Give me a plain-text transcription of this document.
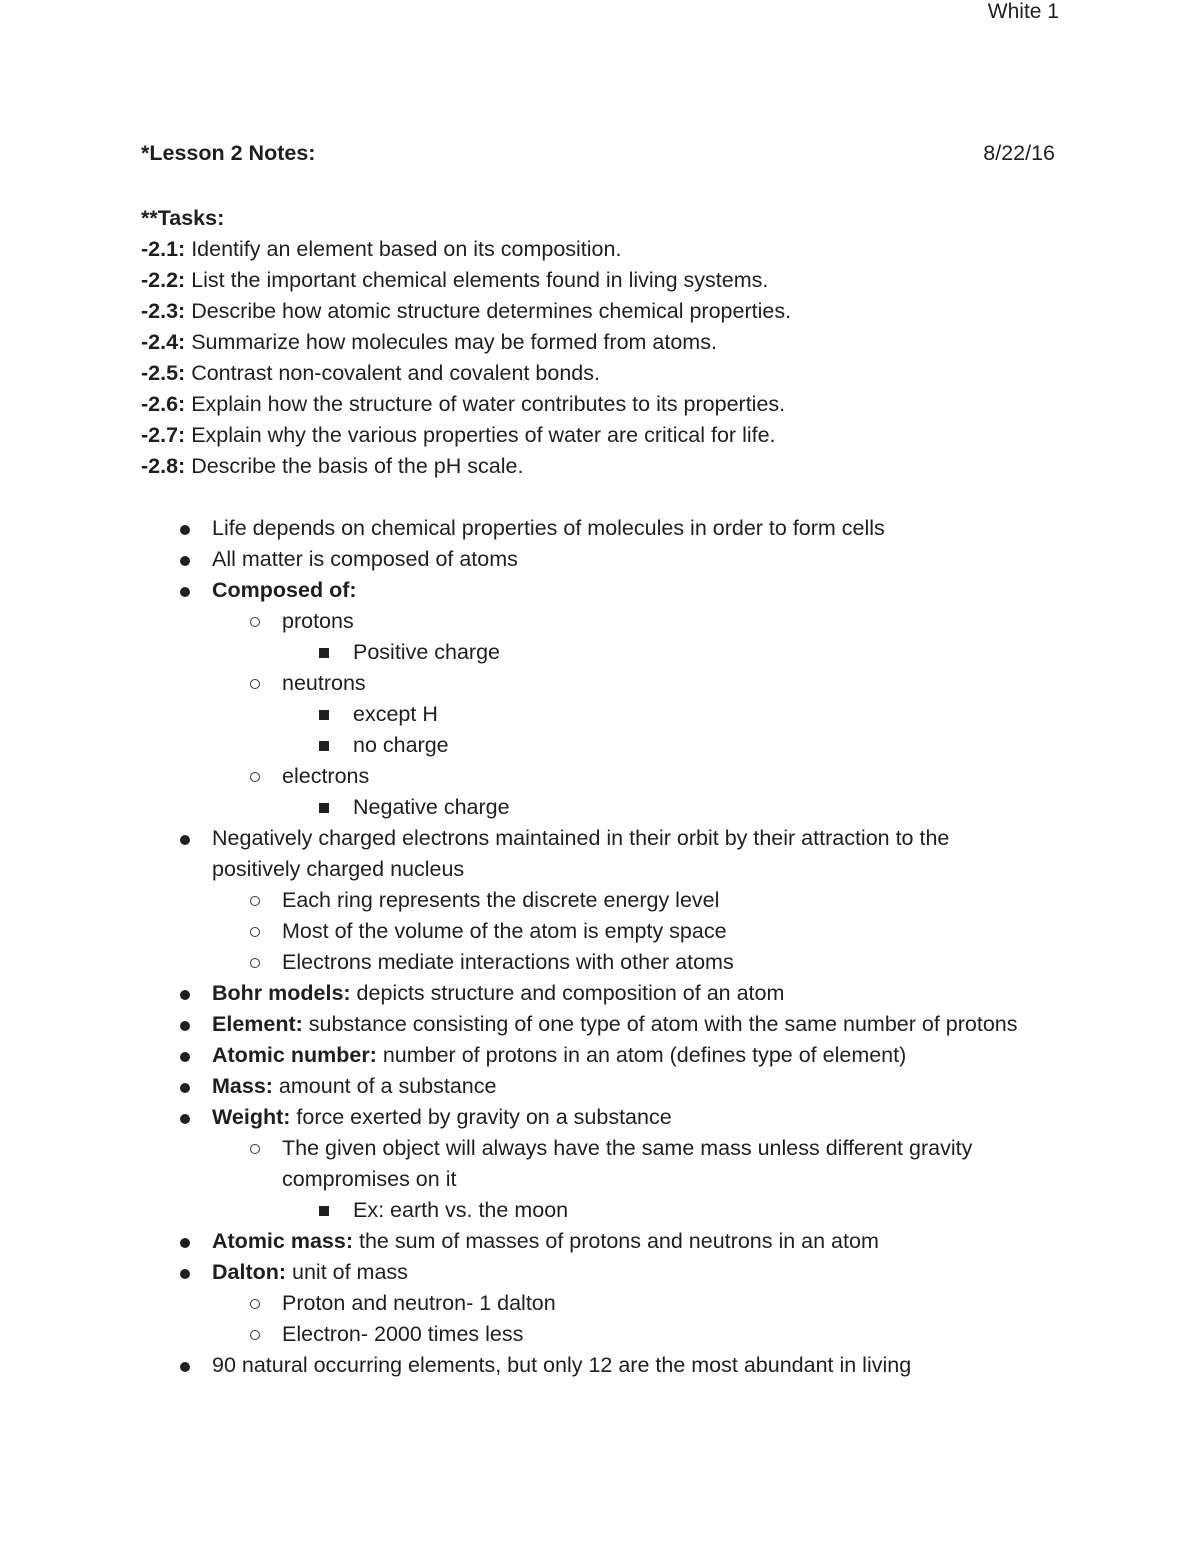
White 1
*Lesson 2 Notes:	8/22/16
**Tasks:
-2.1: Identify an element based on its composition.
-2.2: List the important chemical elements found in living systems.
-2.3: Describe how atomic structure determines chemical properties.
-2.4: Summarize how molecules may be formed from atoms.
-2.5: Contrast non-covalent and covalent bonds.
-2.6: Explain how the structure of water contributes to its properties.
-2.7: Explain why the various properties of water are critical for life.
-2.8: Describe the basis of the pH scale.
Life depends on chemical properties of molecules in order to form cells
All matter is composed of atoms
Composed of:
protons
Positive charge
neutrons
except H
no charge
electrons
Negative charge
Negatively charged electrons maintained in their orbit by their attraction to the positively charged nucleus
Each ring represents the discrete energy level
Most of the volume of the atom is empty space
Electrons mediate interactions with other atoms
Bohr models: depicts structure and composition of an atom
Element: substance consisting of one type of atom with the same number of protons
Atomic number: number of protons in an atom (defines type of element)
Mass: amount of a substance
Weight: force exerted by gravity on a substance
The given object will always have the same mass unless different gravity compromises on it
Ex: earth vs. the moon
Atomic mass: the sum of masses of protons and neutrons in an atom
Dalton: unit of mass
Proton and neutron- 1 dalton
Electron- 2000 times less
90 natural occurring elements, but only 12 are the most abundant in living
